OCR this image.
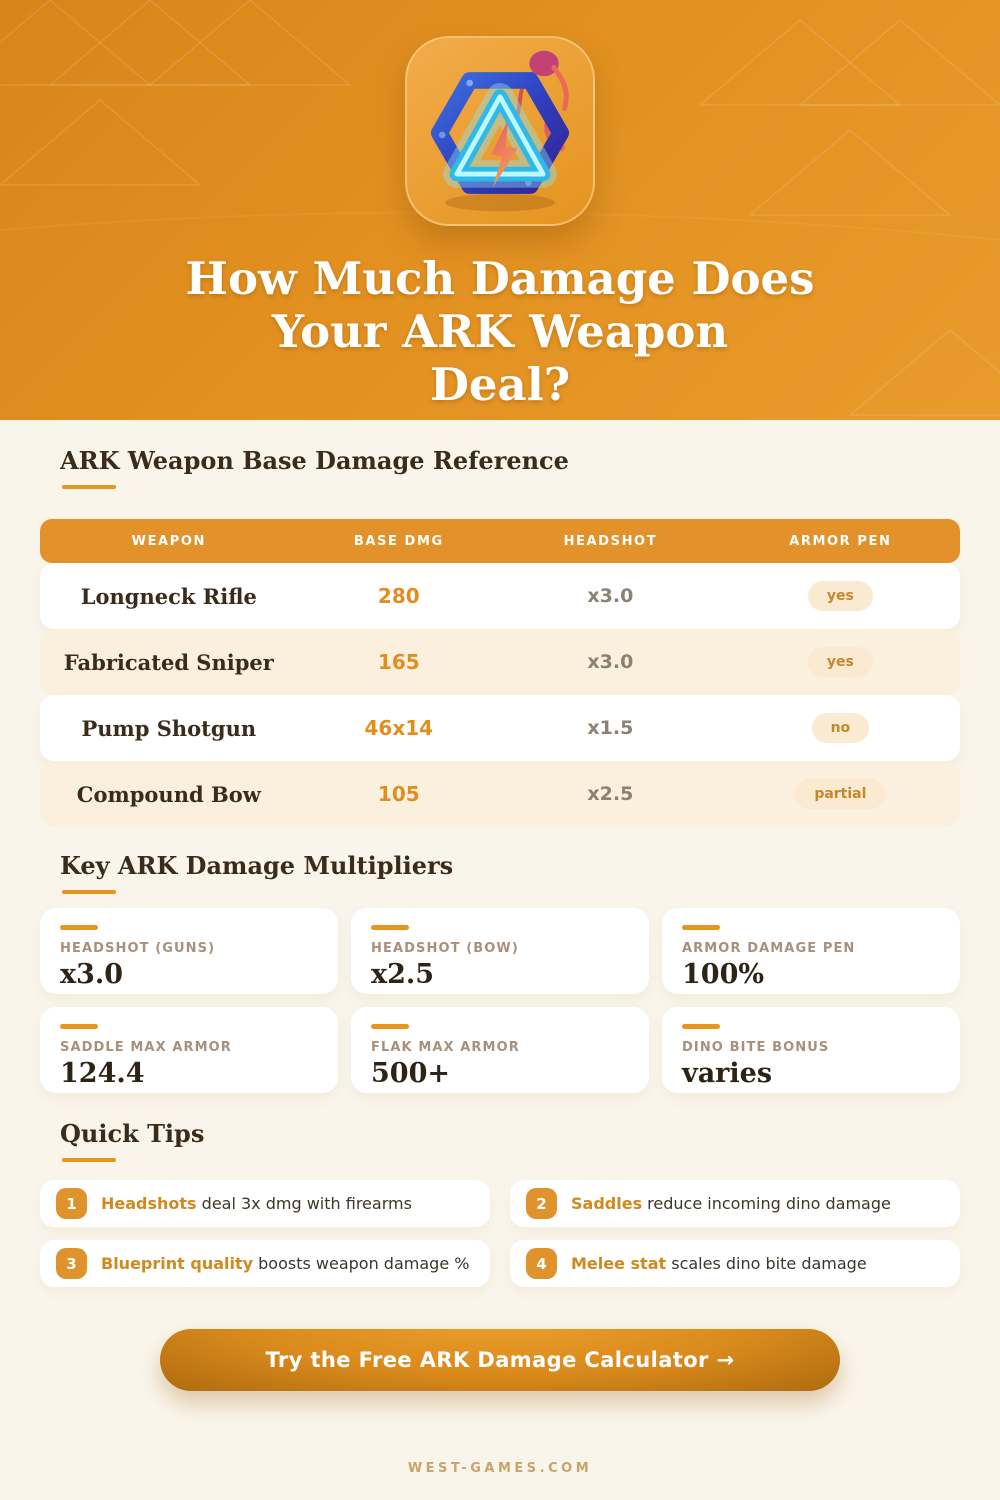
How Much Damage Does
Your ARK Weapon
Deal?
ARK Weapon Base Damage Reference
WEAPON	BASE DMG	HEADSHOT	ARMOR PEN
Longneck Rifle	280	x3.0	yes
Fabricated Sniper	165	x3.0	yes
Pump Shotgun	46x14	x1.5	no
Compound Bow	105	x2.5	partial
Key ARK Damage Multipliers
HEADSHOT (GUNS)
x3.0
HEADSHOT (BOW)
x2.5
ARMOR DAMAGE PEN
100%
SADDLE MAX ARMOR
124.4
FLAK MAX ARMOR
500+
DINO BITE BONUS
varies
Quick Tips
1	Headshots deal 3x dmg with firearms	2	Saddles reduce incoming dino damage
3	Blueprint quality boosts weapon damage %	4	Melee stat scales dino bite damage
Try the Free ARK Damage Calculator →
WEST-GAMES.COM
